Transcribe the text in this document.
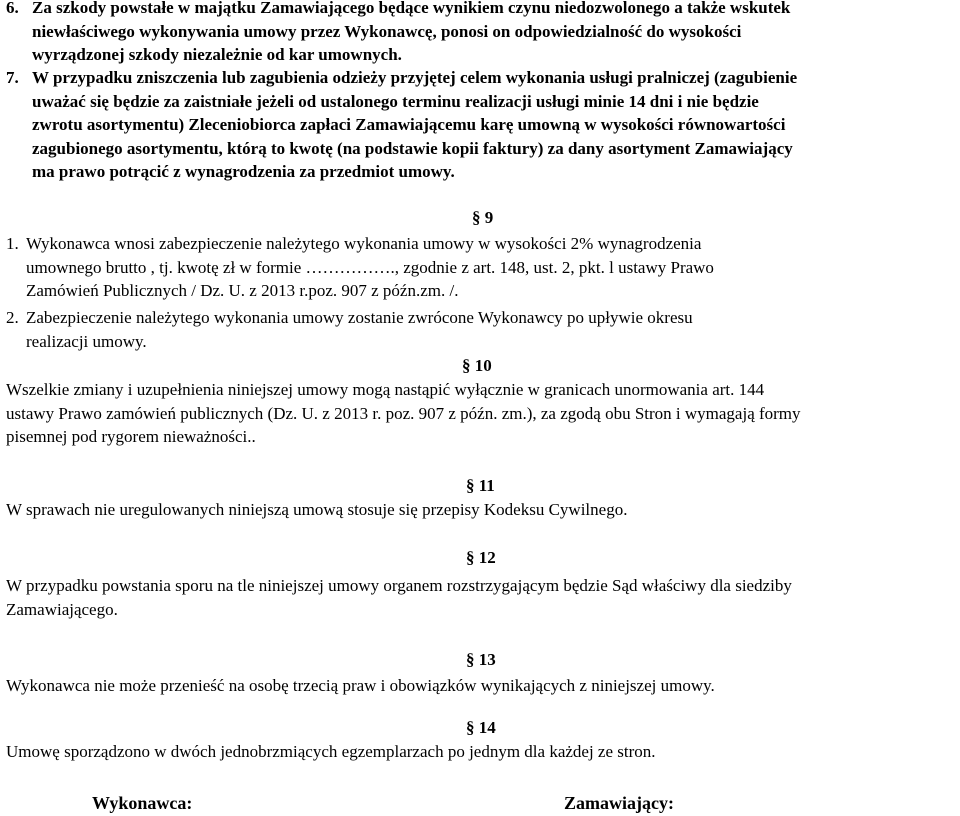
6. Za szkody powstałe w majątku Zamawiającego będące wynikiem czynu niedozwolonego a także wskutek
niewłaściwego wykonywania umowy przez Wykonawcę, ponosi on odpowiedzialność do wysokości
wyrządzonej szkody niezależnie od kar umownych.
7. W przypadku zniszczenia lub zagubienia odzieży przyjętej celem wykonania usługi pralniczej (zagubienie
uważać się będzie za zaistniałe jeżeli od ustalonego terminu realizacji usługi minie 14 dni i nie będzie
zwrotu asortymentu) Zleceniobiorca zapłaci Zamawiającemu karę umowną w wysokości równowartości
zagubionego asortymentu, którą to kwotę (na podstawie kopii faktury) za dany asortyment Zamawiający
ma prawo potrącić z wynagrodzenia za przedmiot umowy.
§ 9
1. Wykonawca wnosi zabezpieczenie należytego wykonania umowy w wysokości 2% wynagrodzenia
umownego brutto , tj. kwotę zł w formie ……………., zgodnie z art. 148, ust. 2, pkt. l ustawy Prawo
Zamówień Publicznych / Dz. U. z 2013 r.poz. 907 z późn.zm. /.
2. Zabezpieczenie należytego wykonania umowy zostanie zwrócone Wykonawcy po upływie okresu
realizacji umowy.
§ 10
Wszelkie zmiany i uzupełnienia niniejszej umowy mogą nastąpić wyłącznie w granicach unormowania art. 144
ustawy Prawo zamówień publicznych (Dz. U. z 2013 r. poz. 907 z późn. zm.), za zgodą obu Stron i wymagają formy
pisemnej pod rygorem nieważności..
§ 11
W sprawach nie uregulowanych niniejszą umową stosuje się przepisy Kodeksu Cywilnego.
§ 12
W przypadku powstania sporu na tle niniejszej umowy organem rozstrzygającym będzie Sąd właściwy dla siedziby
Zamawiającego.
§ 13
Wykonawca nie może przenieść na osobę trzecią praw i obowiązków wynikających z niniejszej umowy.
§ 14
Umowę sporządzono w dwóch jednobrzmiących egzemplarzach po jednym dla każdej ze stron.
Wykonawca:	Zamawiający:
